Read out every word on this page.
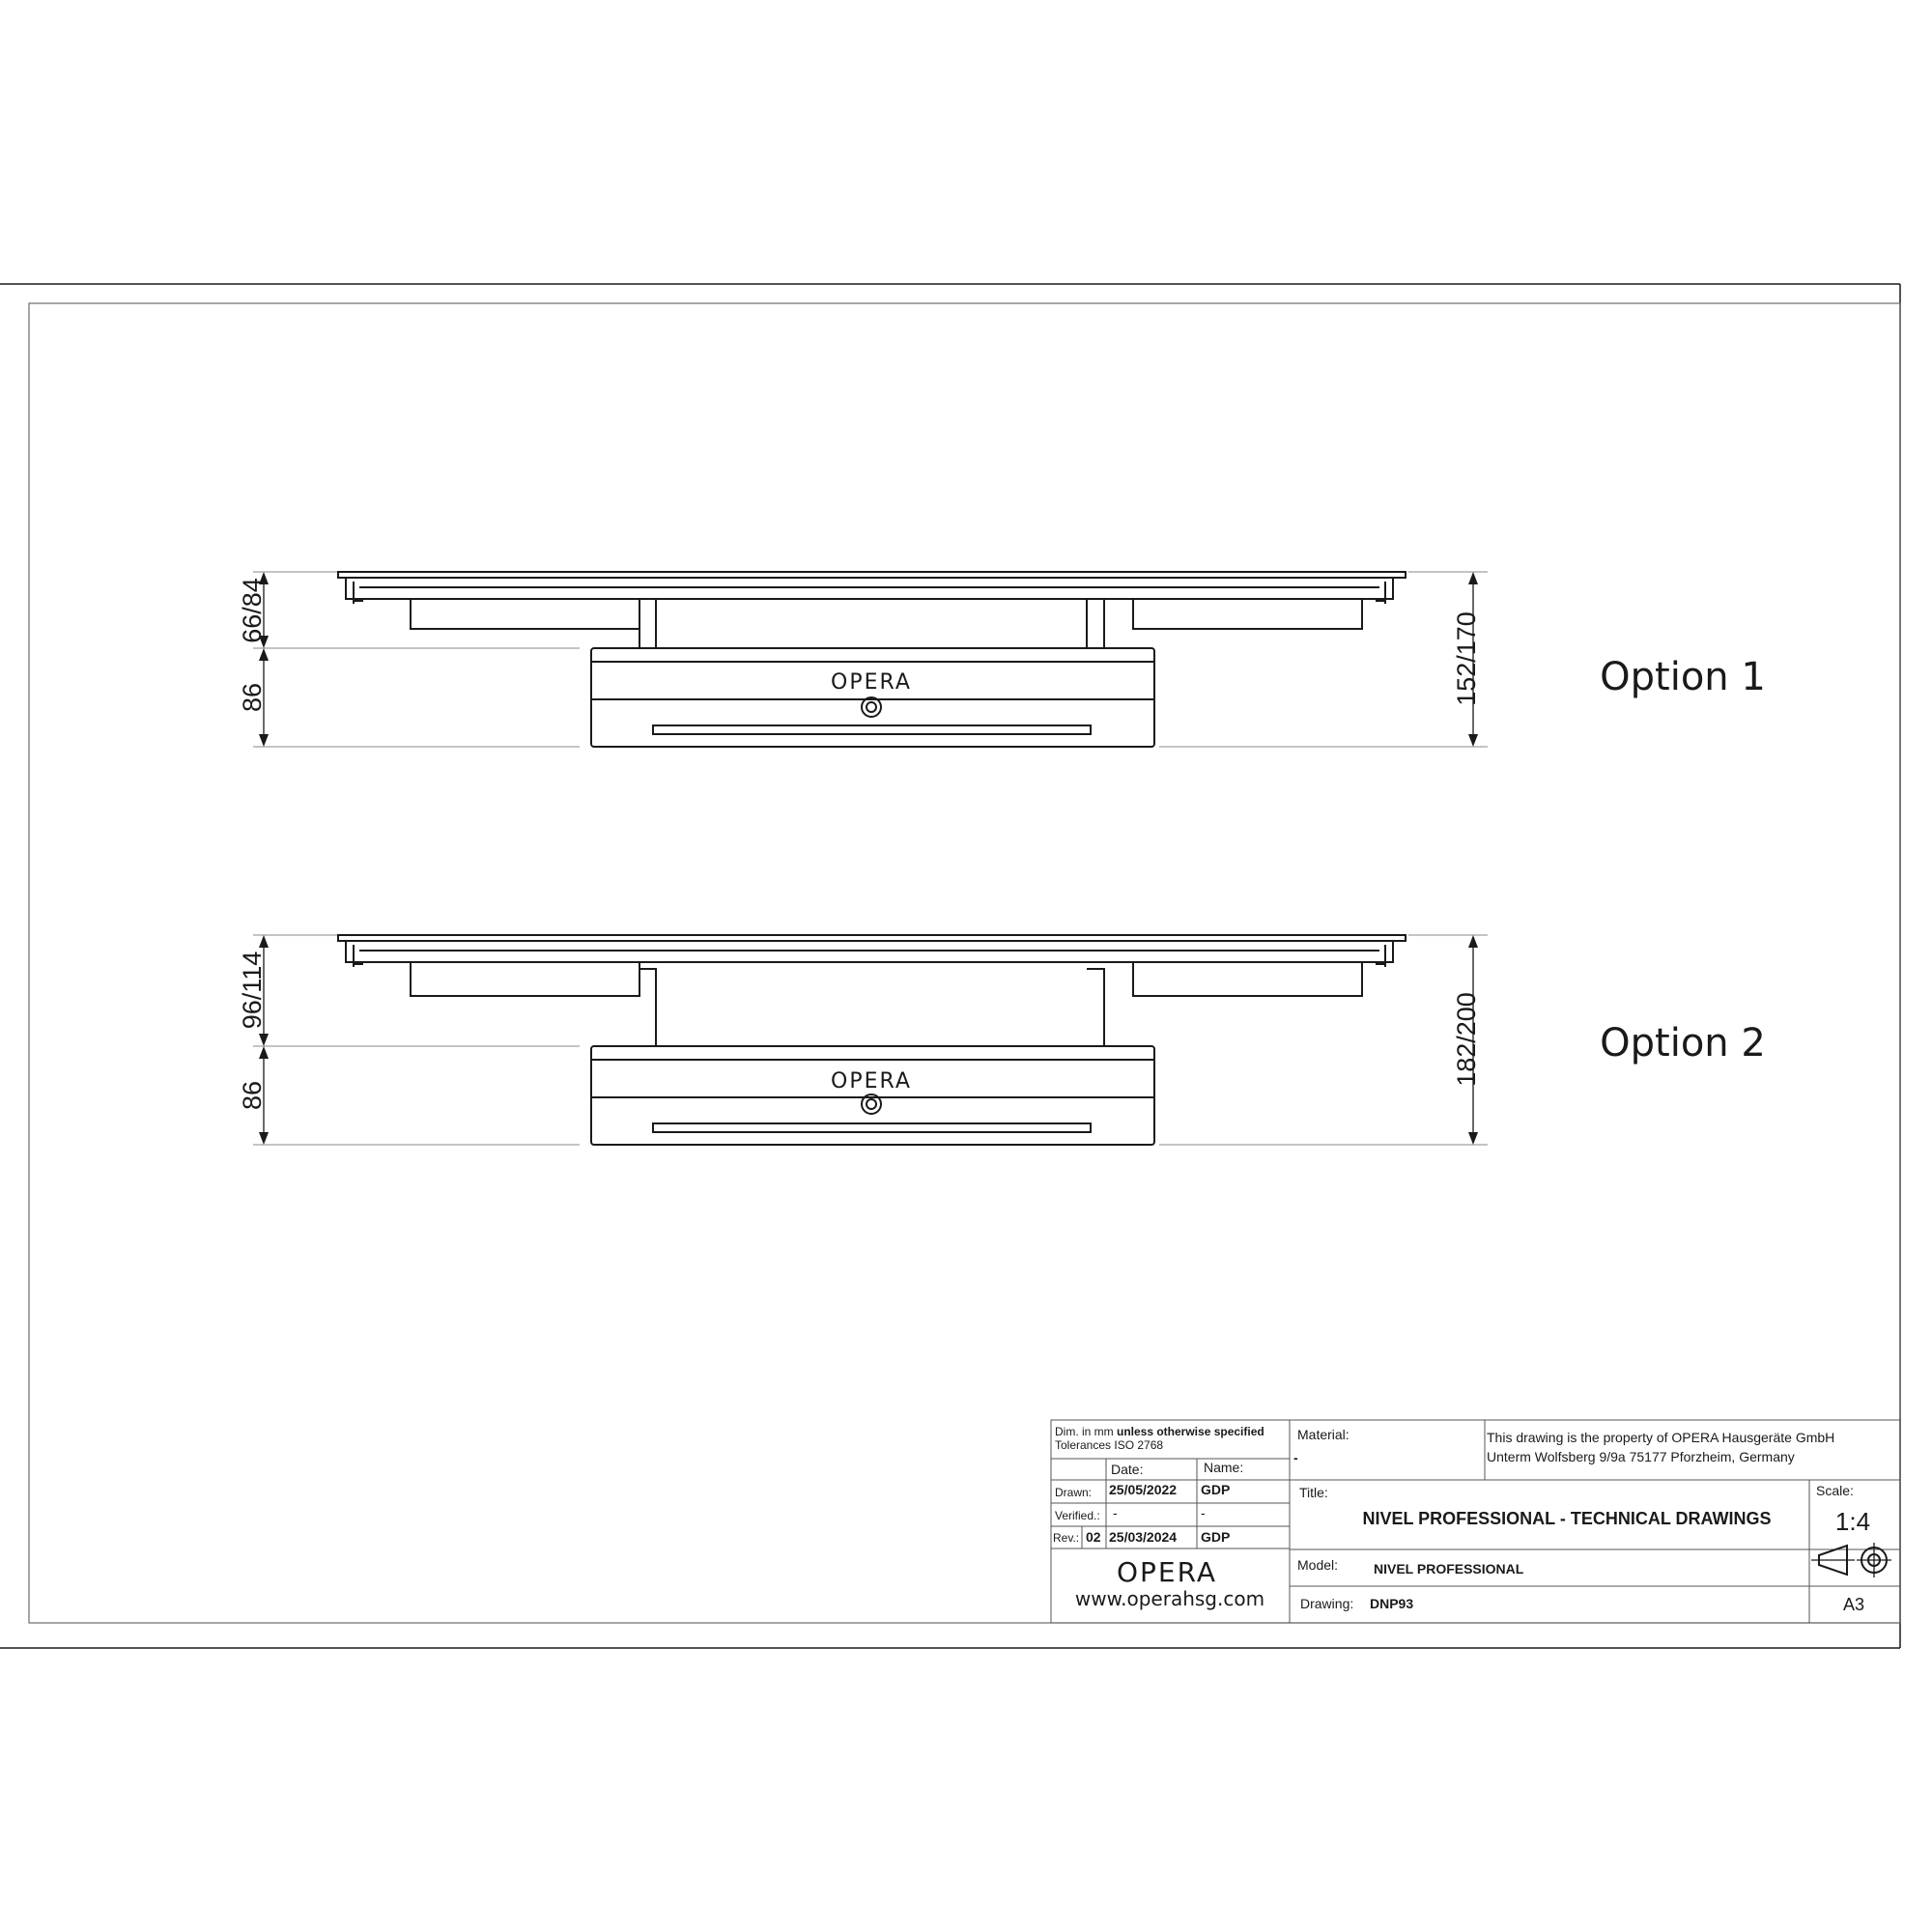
66/84
86	152/170
OPERA	Option 1
96/114
86
182/200
OPERA
Option 2
Dim. in mm unless otherwise specified
Tolerances ISO 2768
Date:	Name:
Drawn: 25/05/2022 GDP
Verified.: -	-
Rev.: 02 25/03/2024 GDP
OPERA
www.operahsg.com
Material:
-
This drawing is the property of OPERA Hausgeräte GmbH
Unterm Wolfsberg 9/9a 75177 Pforzheim, Germany
Title:
NIVEL PROFESSIONAL - TECHNICAL DRAWINGS
Scale:
1:4
Model:	NIVEL PROFESSIONAL
Drawing: DNP93	A3
